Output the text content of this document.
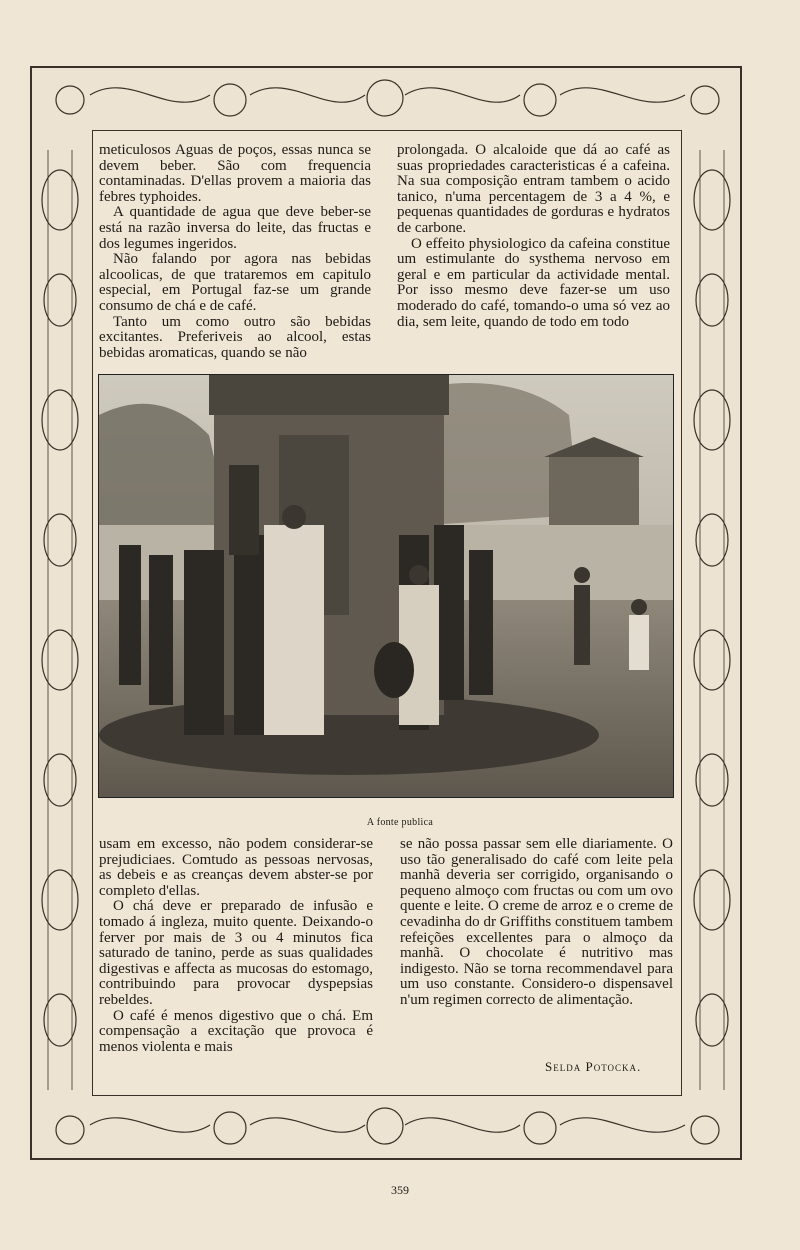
meticulosos Aguas de poços, essas nunca se devem beber. São com frequencia contaminadas. D'ellas provem a maioria das febres typhoides.

A quantidade de agua que deve beber-se está na razão inversa do leite, das fructas e dos legumes ingeridos.

Não falando por agora nas bebidas alcoolicas, de que trataremos em capitulo especial, em Portugal faz-se um grande consumo de chá e de café.

Tanto um como outro são bebidas excitantes. Preferiveis ao alcool, estas bebidas aromaticas, quando se não

prolongada. O alcaloide que dá ao café as suas propriedades caracteristicas é a cafeina. Na sua composição entram tambem o acido tanico, n'uma percentagem de 3 a 4 %, e pequenas quantidades de gorduras e hydratos de carbone.

O effeito physiologico da cafeina constitue um estimulante do systhema nervoso em geral e em particular da actividade mental. Por isso mesmo deve fazer-se um uso moderado do café, tomando-o uma só vez ao dia, sem leite, quando de todo em todo

A fonte publica

usam em excesso, não podem considerar-se prejudiciaes. Comtudo as pessoas nervosas, as debeis e as creanças devem abster-se por completo d'ellas.

O chá deve er preparado de infusão e tomado á ingleza, muito quente. Deixando-o ferver por mais de 3 ou 4 minutos fica saturado de tanino, perde as suas qualidades digestivas e affecta as mucosas do estomago, contribuindo para provocar dyspepsias rebeldes.

O café é menos digestivo que o chá. Em compensação a excitação que provoca é menos violenta e mais

se não possa passar sem elle diariamente. O uso tão generalisado do café com leite pela manhã deveria ser corrigido, organisando o pequeno almoço com fructas ou com um ovo quente e leite. O creme de arroz e o creme de cevadinha do dr Griffiths constituem tambem refeições excellentes para o almoço da manhã. O chocolate é nutritivo mas indigesto. Não se torna recommendavel para um uso constante. Considero-o dispensavel n'um regimen correcto de alimentação.

Selda Potocka.
359
